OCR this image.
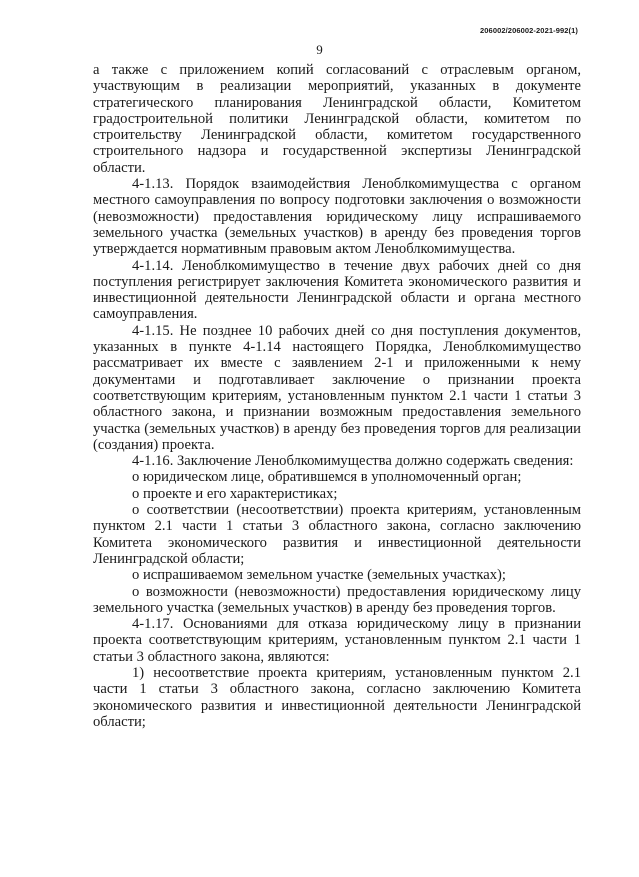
206002/206002-2021-992(1)
9

а также с приложением копий согласований с отраслевым органом, участвующим в реализации мероприятий, указанных в документе стратегического планирования Ленинградской области, Комитетом градостроительной политики Ленинградской области, комитетом по строительству Ленинградской области, комитетом государственного строительного надзора и государственной экспертизы Ленинградской области.

4-1.13. Порядок взаимодействия Леноблкомимущества с органом местного самоуправления по вопросу подготовки заключения о возможности (невозможности) предоставления юридическому лицу испрашиваемого земельного участка (земельных участков) в аренду без проведения торгов утверждается нормативным правовым актом Леноблкомимущества.

4-1.14. Леноблкомимущество в течение двух рабочих дней со дня поступления регистрирует заключения Комитета экономического развития и инвестиционной деятельности Ленинградской области и органа местного самоуправления.

4-1.15. Не позднее 10 рабочих дней со дня поступления документов, указанных в пункте 4-1.14 настоящего Порядка, Леноблкомимущество рассматривает их вместе с заявлением 2-1 и приложенными к нему документами и подготавливает заключение о признании проекта соответствующим критериям, установленным пунктом 2.1 части 1 статьи 3 областного закона, и признании возможным предоставления земельного участка (земельных участков) в аренду без проведения торгов для реализации (создания) проекта.

4-1.16. Заключение Леноблкомимущества должно содержать сведения:

о юридическом лице, обратившемся в уполномоченный орган;

о проекте и его характеристиках;

о соответствии (несоответствии) проекта критериям, установленным пунктом 2.1 части 1 статьи 3 областного закона, согласно заключению Комитета экономического развития и инвестиционной деятельности Ленинградской области;

о испрашиваемом земельном участке (земельных участках);

о возможности (невозможности) предоставления юридическому лицу земельного участка (земельных участков) в аренду без проведения торгов.

4-1.17. Основаниями для отказа юридическому лицу в признании проекта соответствующим критериям, установленным пунктом 2.1 части 1 статьи 3 областного закона, являются:

1) несоответствие проекта критериям, установленным пунктом 2.1 части 1 статьи 3 областного закона, согласно заключению Комитета экономического развития и инвестиционной деятельности Ленинградской области;
